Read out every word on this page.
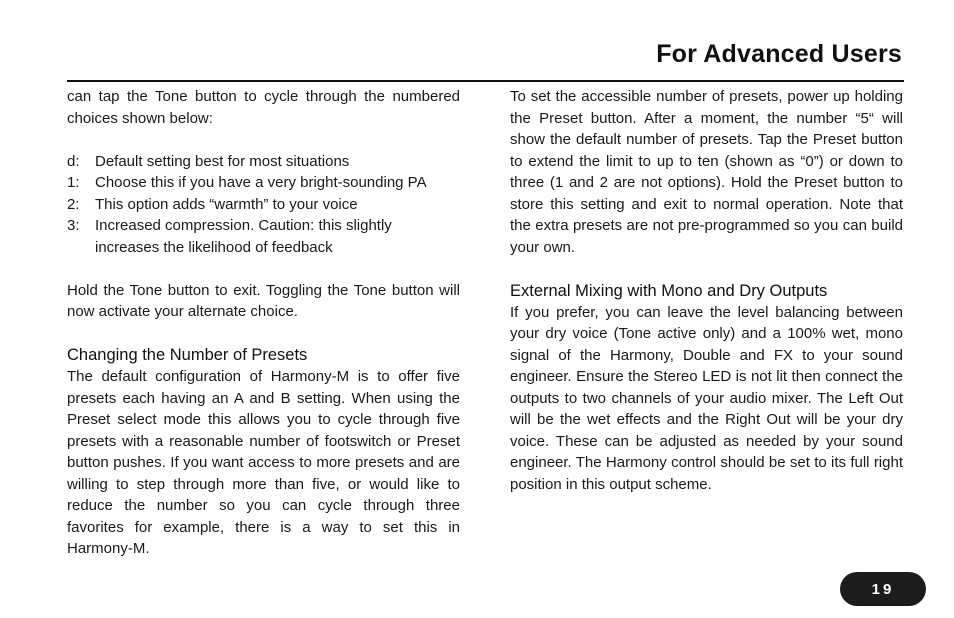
For Advanced Users

can tap the Tone button to cycle through the numbered choices shown below:

d:	Default setting best for most situations
1:	Choose this if you have a very bright-sounding PA
2:	This option adds “warmth” to your voice
3:	Increased compression. Caution: this slightly increases the likelihood of feedback

Hold the Tone button to exit. Toggling the Tone button will now activate your alternate choice.

Changing the Number of Presets

The default configuration of Harmony-M is to offer five presets each having an A and B setting. When using the Preset select mode this allows you to cycle through five presets with a reasonable number of footswitch or Preset button pushes. If you want access to more presets and are willing to step through more than five, or would like to reduce the number so you can cycle through three favorites for example, there is a way to set this in Harmony-M.

To set the accessible number of presets, power up holding the Preset button. After a moment, the number “5“ will show the default number of presets. Tap the Preset button to extend the limit to up to ten (shown as “0”) or down to three (1 and 2 are not options). Hold the Preset button to store this setting and exit to normal operation. Note that the extra presets are not pre-programmed so you can build your own.

External Mixing with Mono and Dry Outputs

If you prefer, you can leave the level balancing between your dry voice (Tone active only) and a 100% wet, mono signal of the Harmony, Double and FX to your sound engineer. Ensure the Stereo LED is not lit then connect the outputs to two channels of your audio mixer. The Left Out will be the wet effects and the Right Out will be your dry voice. These can be adjusted as needed by your sound engineer. The Harmony control should be set to its full right position in this output scheme.

19
